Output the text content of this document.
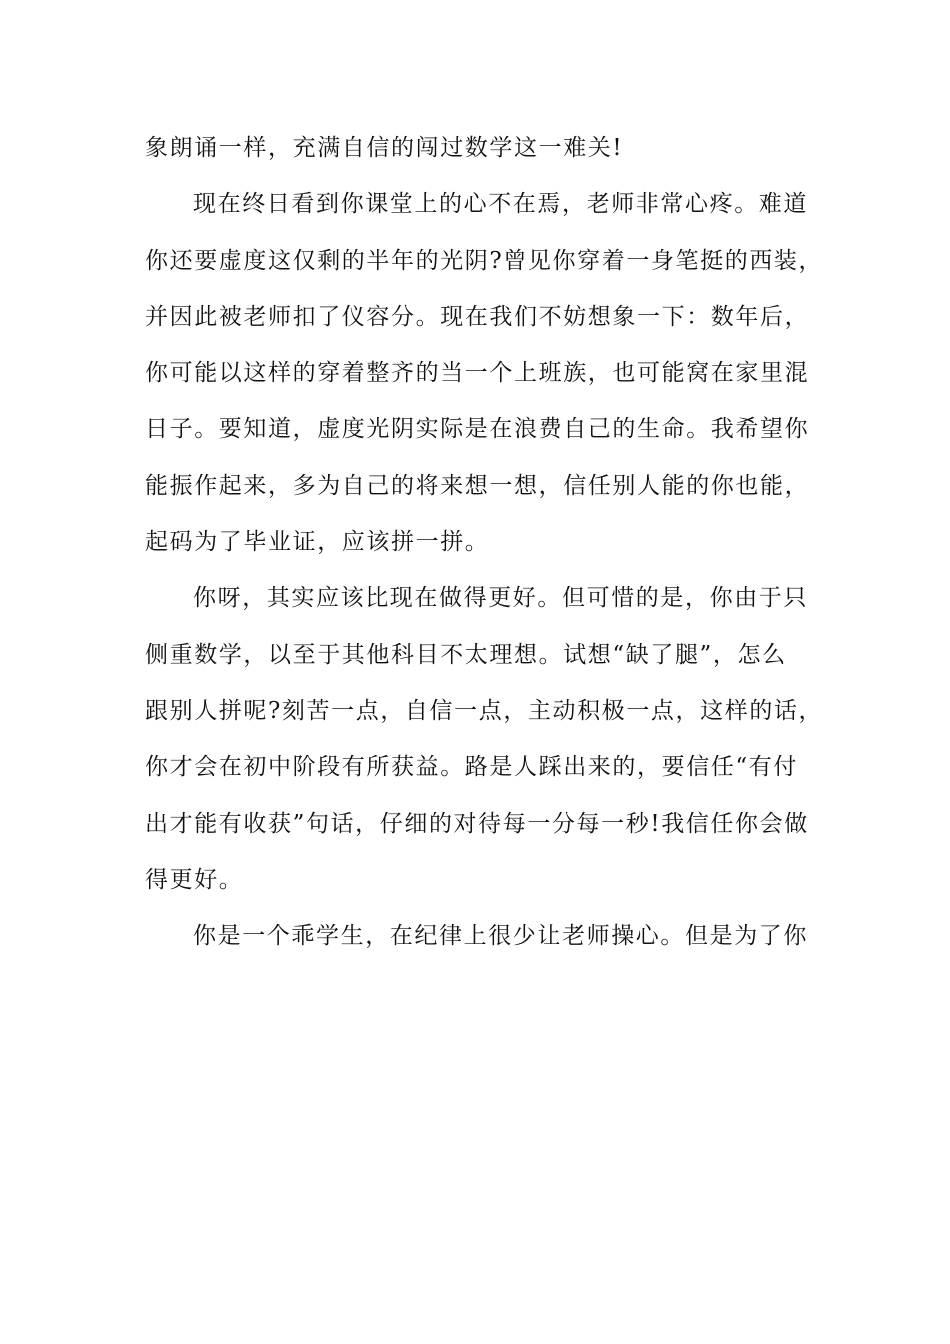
象朗诵一样，充满自信的闯过数学这一难关!
现在终日看到你课堂上的心不在焉，老师非常心疼。难道
你还要虚度这仅剩的半年的光阴?曾见你穿着一身笔挺的西装，
并因此被老师扣了仪容分。现在我们不妨想象一下：数年后，
你可能以这样的穿着整齐的当一个上班族，也可能窝在家里混
日子。要知道，虚度光阴实际是在浪费自己的生命。我希望你
能振作起来，多为自己的将来想一想，信任别人能的你也能，
起码为了毕业证，应该拼一拼。
你呀，其实应该比现在做得更好。但可惜的是，你由于只
侧重数学，以至于其他科目不太理想。试想“缺了腿”，怎么
跟别人拼呢?刻苦一点，自信一点，主动积极一点，这样的话，
你才会在初中阶段有所获益。路是人踩出来的，要信任“有付
出才能有收获”句话，仔细的对待每一分每一秒!我信任你会做
得更好。
你是一个乖学生，在纪律上很少让老师操心。但是为了你
